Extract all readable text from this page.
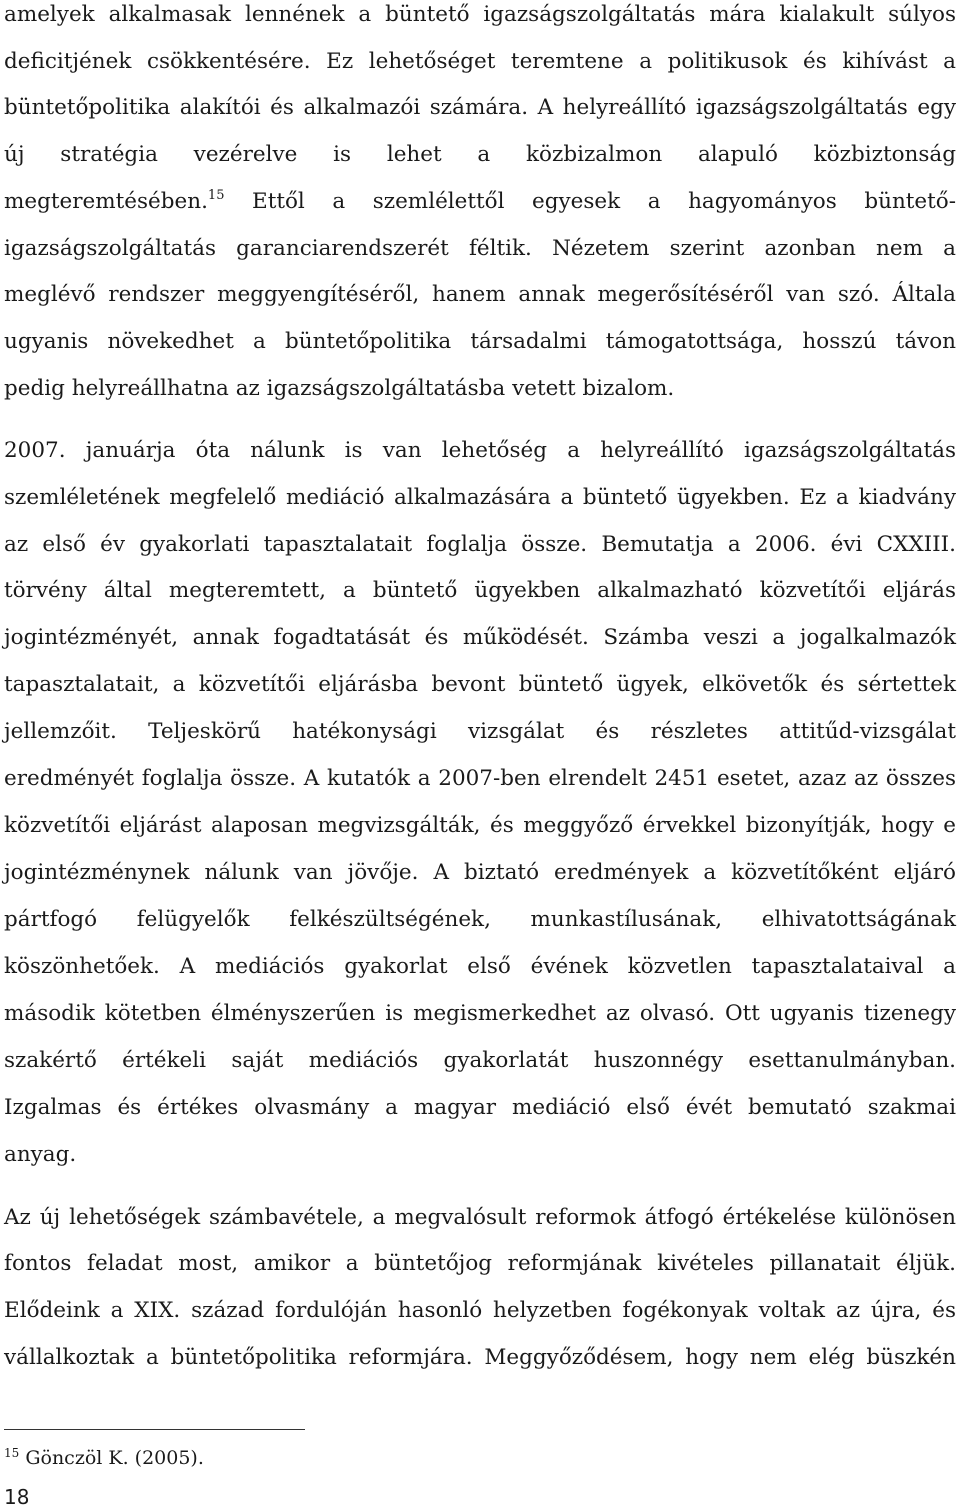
amelyek alkalmasak lennének a büntető igazságszolgáltatás mára kialakult súlyos
deficitjének csökkentésére. Ez lehetőséget teremtene a politikusok és kihívást a
büntetőpolitika alakítói és alkalmazói számára. A helyreállító igazságszolgáltatás egy
új stratégia vezérelve is lehet a közbizalmon alapuló közbiztonság
megteremtésében.$^{15}$ Ettől a szemlélettől egyesek a hagyományos büntető-
igazságszolgáltatás garanciarendszerét féltik. Nézetem szerint azonban nem a
meglévő rendszer meggyengítéséről, hanem annak megerősítéséről van szó. Általa
ugyanis növekedhet a büntetőpolitika társadalmi támogatottsága, hosszú távon
pedig helyreállhatna az igazságszolgáltatásba vetett bizalom.
2007. januárja óta nálunk is van lehetőség a helyreállító igazságszolgáltatás
szemléletének megfelelő mediáció alkalmazására a büntető ügyekben. Ez a kiadvány
az első év gyakorlati tapasztalatait foglalja össze. Bemutatja a 2006. évi CXXIII.
törvény által megteremtett, a büntető ügyekben alkalmazható közvetítői eljárás
jogintézményét, annak fogadtatását és működését. Számba veszi a jogalkalmazók
tapasztalatait, a közvetítői eljárásba bevont büntető ügyek, elkövetők és sértettek
jellemzőit. Teljeskörű hatékonysági vizsgálat és részletes attitűd-vizsgálat
eredményét foglalja össze. A kutatók a 2007-ben elrendelt 2451 esetet, azaz az összes
közvetítői eljárást alaposan megvizsgálták, és meggyőző érvekkel bizonyítják, hogy e
jogintézménynek nálunk van jövője. A biztató eredmények a közvetítőként eljáró
pártfogó felügyelők felkészültségének, munkastílusának, elhivatottságának
köszönhetőek. A mediációs gyakorlat első évének közvetlen tapasztalataival a
második kötetben élményszerűen is megismerkedhet az olvasó. Ott ugyanis tizenegy
szakértő értékeli saját mediációs gyakorlatát huszonnégy esettanulmányban.
Izgalmas és értékes olvasmány a magyar mediáció első évét bemutató szakmai
anyag.
Az új lehetőségek számbavétele, a megvalósult reformok átfogó értékelése különösen
fontos feladat most, amikor a büntetőjog reformjának kivételes pillanatait éljük.
Elődeink a XIX. század fordulóján hasonló helyzetben fogékonyak voltak az újra, és
vállalkoztak a büntetőpolitika reformjára. Meggyőződésem, hogy nem elég büszkén
$^{15}$ Gönczöl K. (2005).
18
